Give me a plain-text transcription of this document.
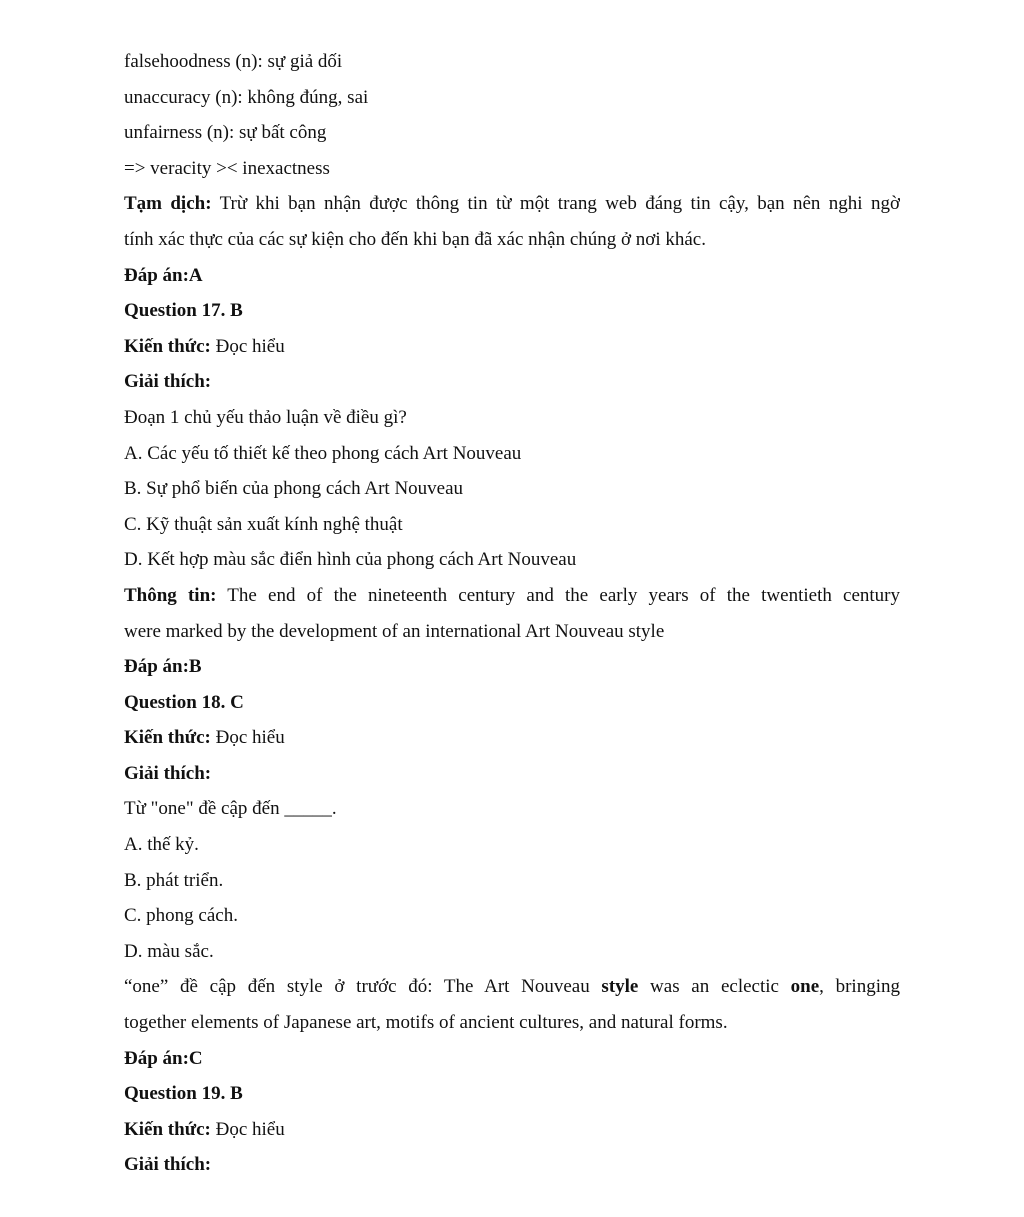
falsehoodness (n): sự giả dối
unaccuracy (n): không đúng, sai
unfairness (n): sự bất công
=> veracity >< inexactness
Tạm dịch: Trừ khi bạn nhận được thông tin từ một trang web đáng tin cậy, bạn nên nghi ngờ
tính xác thực của các sự kiện cho đến khi bạn đã xác nhận chúng ở nơi khác.
Đáp án:A
Question 17. B
Kiến thức: Đọc hiểu
Giải thích:
Đoạn 1 chủ yếu thảo luận về điều gì?
A. Các yếu tố thiết kế theo phong cách Art Nouveau
B. Sự phổ biến của phong cách Art Nouveau
C. Kỹ thuật sản xuất kính nghệ thuật
D. Kết hợp màu sắc điển hình của phong cách Art Nouveau
Thông tin: The end of the nineteenth century and the early years of the twentieth century
were marked by the development of an international Art Nouveau style
Đáp án:B
Question 18. C
Kiến thức: Đọc hiểu
Giải thích:
Từ "one" đề cập đến _____.
A. thế kỷ.
B. phát triển.
C. phong cách.
D. màu sắc.
“one” đề cập đến style ở trước đó: The Art Nouveau style was an eclectic one, bringing
together elements of Japanese art, motifs of ancient cultures, and natural forms.
Đáp án:C
Question 19. B
Kiến thức: Đọc hiểu
Giải thích:
